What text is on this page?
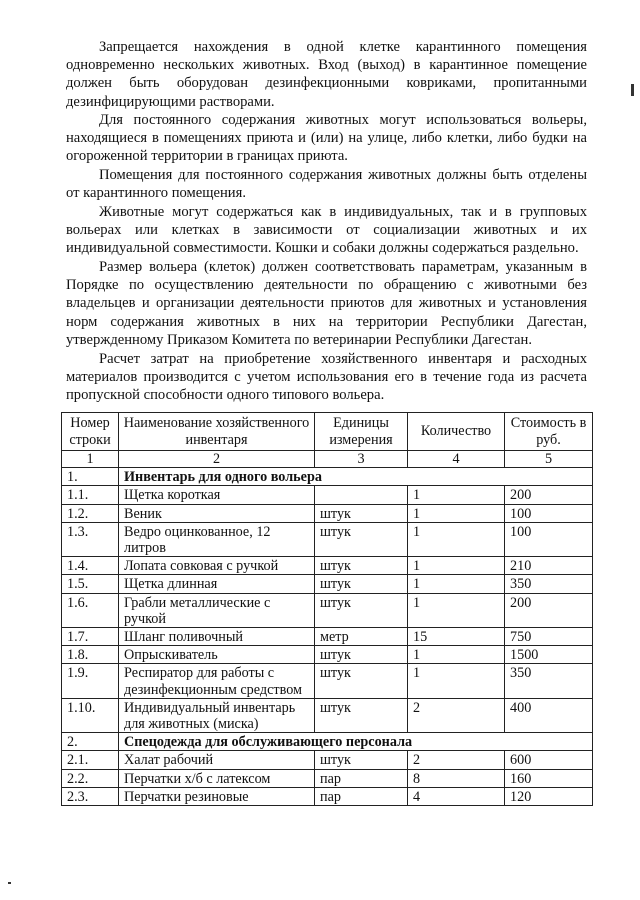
Запрещается нахождения в одной клетке карантинного помещения одновременно нескольких животных. Вход (выход) в карантинное помещение должен быть оборудован дезинфекционными ковриками, пропитанными дезинфицирующими растворами.

Для постоянного содержания животных могут использоваться вольеры, находящиеся в помещениях приюта и (или) на улице, либо клетки, либо будки на огороженной территории в границах приюта.

Помещения для постоянного содержания животных должны быть отделены от карантинного помещения.

Животные могут содержаться как в индивидуальных, так и в групповых вольерах или клетках в зависимости от социализации животных и их индивидуальной совместимости. Кошки и собаки должны содержаться раздельно.

Размер вольера (клеток) должен соответствовать параметрам, указанным в Порядке по осуществлению деятельности по обращению с животными без владельцев и организации деятельности приютов для животных и установления норм содержания животных в них на территории Республики Дагестан, утвержденному Приказом Комитета по ветеринарии Республики Дагестан.

Расчет затрат на приобретение хозяйственного инвентаря и расходных материалов производится с учетом использования его в течение года из расчета пропускной способности одного типового вольера.

Номер строки	Наименование хозяйственного инвентаря	Единицы измерения	Количество	Стоимость в руб.
1	2	3	4	5
1.	Инвентарь для одного вольера			
1.1.	Щетка короткая		1	200
1.2.	Веник	штук	1	100
1.3.	Ведро оцинкованное, 12 литров	штук	1	100
1.4.	Лопата совковая с ручкой	штук	1	210
1.5.	Щетка длинная	штук	1	350
1.6.	Грабли металлические с ручкой	штук	1	200
1.7.	Шланг поливочный	метр	15	750
1.8.	Опрыскиватель	штук	1	1500
1.9.	Респиратор для работы с дезинфекционным средством	штук	1	350
1.10.	Индивидуальный инвентарь для животных (миска)	штук	2	400
2.	Спецодежда для обслуживающего персонала			
2.1.	Халат рабочий	штук	2	600
2.2.	Перчатки х/б с латексом	пар	8	160
2.3.	Перчатки резиновые	пар	4	120
